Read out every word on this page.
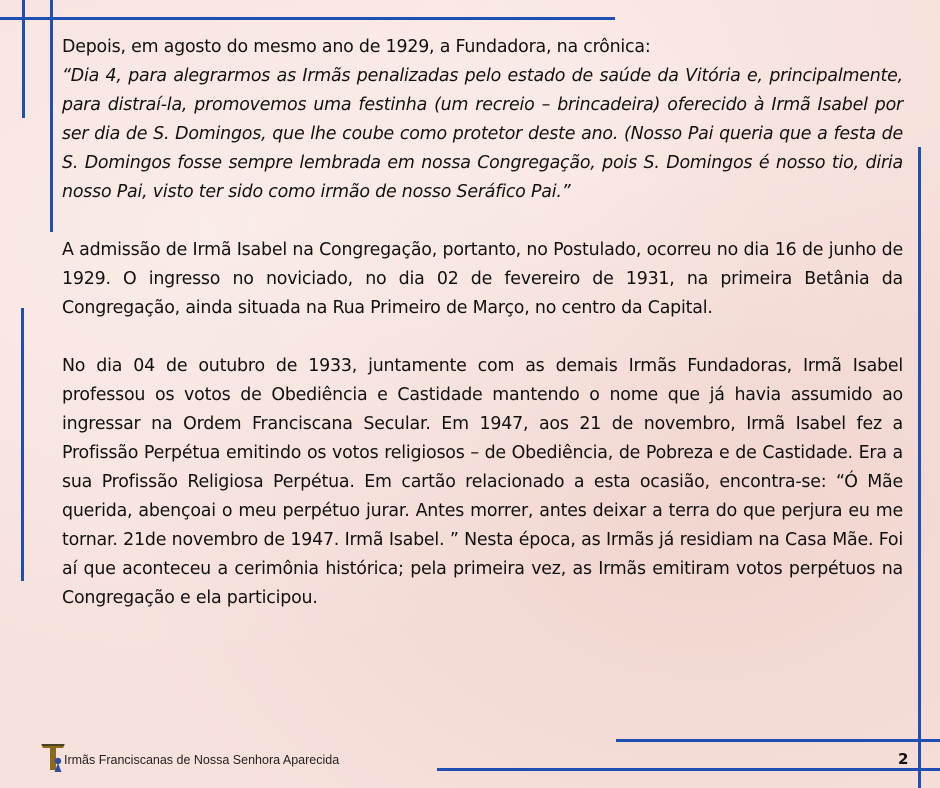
Depois, em agosto do mesmo ano de 1929, a Fundadora, na crônica:
“Dia 4, para alegrarmos as Irmãs penalizadas pelo estado de saúde da Vitória e, principalmente, para distraí-la, promovemos uma festinha (um recreio – brincadeira) oferecido à Irmã Isabel por ser dia de S. Domingos, que lhe coube como protetor deste ano. (Nosso Pai queria que a festa de S. Domingos fosse sempre lembrada em nossa Congregação, pois S. Domingos é nosso tio, diria nosso Pai, visto ter sido como irmão de nosso Seráfico Pai.”

A admissão de Irmã Isabel na Congregação, portanto, no Postulado, ocorreu no dia 16 de junho de 1929. O ingresso no noviciado, no dia 02 de fevereiro de 1931, na primeira Betânia da Congregação, ainda situada na Rua Primeiro de Março, no centro da Capital.

No dia 04 de outubro de 1933, juntamente com as demais Irmãs Fundadoras, Irmã Isabel professou os votos de Obediência e Castidade mantendo o nome que já havia assumido ao ingressar na Ordem Franciscana Secular. Em 1947, aos 21 de novembro, Irmã Isabel fez a Profissão Perpétua emitindo os votos religiosos – de Obediência, de Pobreza e de Castidade. Era a sua Profissão Religiosa Perpétua. Em cartão relacionado a esta ocasião, encontra-se: “Ó Mãe querida, abençoai o meu perpétuo jurar. Antes morrer, antes deixar a terra do que perjura eu me tornar. 21de novembro de 1947. Irmã Isabel. ” Nesta época, as Irmãs já residiam na Casa Mãe. Foi aí que aconteceu a cerimônia histórica; pela primeira vez, as Irmãs emitiram votos perpétuos na Congregação e ela participou.

Irmãs Franciscanas de Nossa Senhora Aparecida	2
